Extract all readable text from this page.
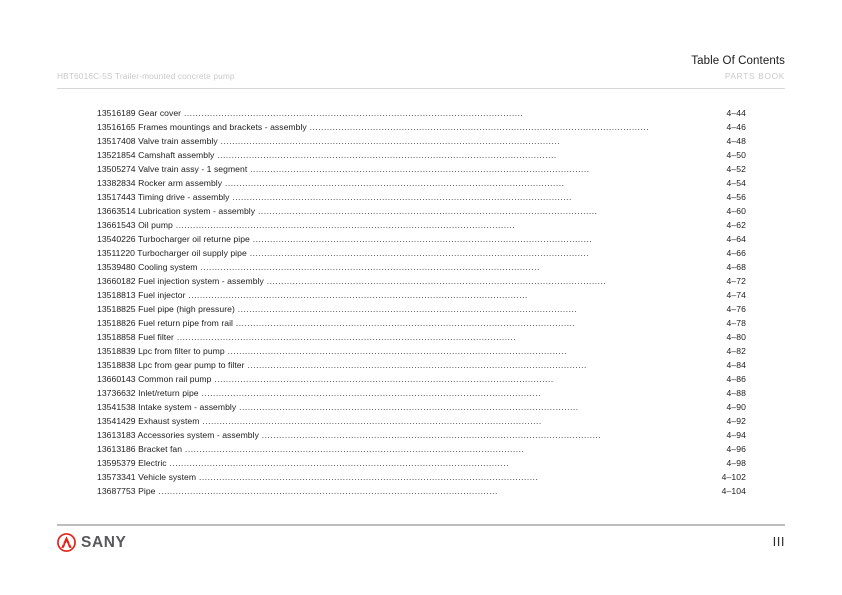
Table Of Contents
HBT6016C-5S Trailer-mounted concrete pump	PARTS BOOK
13516189 Gear cover ......................................................................................................................	4–44
13516165 Frames mountings and brackets - assembly ......................................................................................................................	4–46
13517408 Valve train assembly ......................................................................................................................	4–48
13521854 Camshaft assembly ......................................................................................................................	4–50
13505274 Valve train assy - 1 segment ......................................................................................................................	4–52
13382834 Rocker arm assembly ......................................................................................................................	4–54
13517443 Timing drive - assembly ......................................................................................................................	4–56
13663514 Lubrication system - assembly ......................................................................................................................	4–60
13661543 Oil pump ......................................................................................................................	4–62
13540226 Turbocharger oil returne pipe ......................................................................................................................	4–64
13511220 Turbocharger oil supply pipe ......................................................................................................................	4–66
13539480 Cooling system ......................................................................................................................	4–68
13660182 Fuel injection system - assembly ......................................................................................................................	4–72
13518813 Fuel injector ......................................................................................................................	4–74
13518825 Fuel pipe (high pressure) ......................................................................................................................	4–76
13518826 Fuel return pipe from rail ......................................................................................................................	4–78
13518858 Fuel filter ......................................................................................................................	4–80
13518839 Lpc from filter to pump ......................................................................................................................	4–82
13518838 Lpc from gear pump to filter ......................................................................................................................	4–84
13660143 Common rail pump ......................................................................................................................	4–86
13736632 Inlet/return pipe ......................................................................................................................	4–88
13541538 Intake system - assembly ......................................................................................................................	4–90
13541429 Exhaust system ......................................................................................................................	4–92
13613183 Accessories system - assembly ......................................................................................................................	4–94
13613186 Bracket fan ......................................................................................................................	4–96
13595379 Electric ......................................................................................................................	4–98
13573341 Vehicle system ......................................................................................................................	4–102
13687753 Pipe ......................................................................................................................	4–104
SANY	III
